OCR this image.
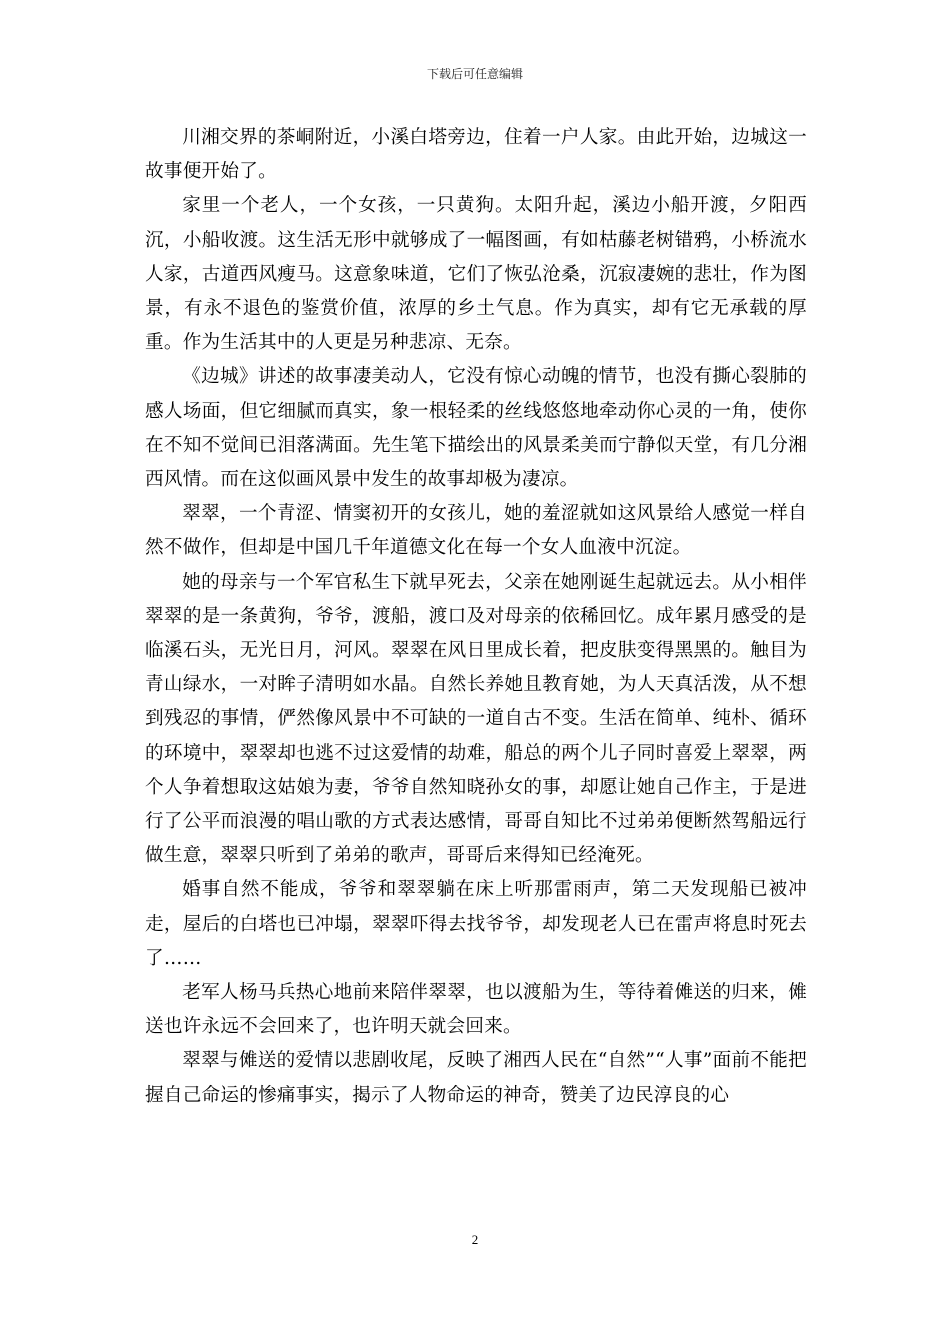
下载后可任意编辑

川湘交界的茶峒附近，小溪白塔旁边，住着一户人家。由此开始，边城这一故事便开始了。

家里一个老人，一个女孩，一只黄狗。太阳升起，溪边小船开渡，夕阳西沉，小船收渡。这生活无形中就够成了一幅图画，有如枯藤老树错鸦，小桥流水人家，古道西风瘦马。这意象味道，它们了恢弘沧桑，沉寂凄婉的悲壮，作为图景，有永不退色的鉴赏价值，浓厚的乡土气息。作为真实，却有它无承载的厚重。作为生活其中的人更是另种悲凉、无奈。

《边城》讲述的故事凄美动人，它没有惊心动魄的情节，也没有撕心裂肺的感人场面，但它细腻而真实，象一根轻柔的丝线悠悠地牵动你心灵的一角，使你在不知不觉间已泪落满面。先生笔下描绘出的风景柔美而宁静似天堂，有几分湘西风情。而在这似画风景中发生的故事却极为凄凉。

翠翠，一个青涩、情窦初开的女孩儿，她的羞涩就如这风景给人感觉一样自然不做作，但却是中国几千年道德文化在每一个女人血液中沉淀。

她的母亲与一个军官私生下就早死去，父亲在她刚诞生起就远去。从小相伴翠翠的是一条黄狗，爷爷，渡船，渡口及对母亲的依稀回忆。成年累月感受的是临溪石头，无光日月，河风。翠翠在风日里成长着，把皮肤变得黑黑的。触目为青山绿水，一对眸子清明如水晶。自然长养她且教育她，为人天真活泼，从不想到残忍的事情，俨然像风景中不可缺的一道自古不变。生活在简单、纯朴、循环的环境中，翠翠却也逃不过这爱情的劫难，船总的两个儿子同时喜爱上翠翠，两个人争着想取这姑娘为妻，爷爷自然知晓孙女的事，却愿让她自己作主，于是进行了公平而浪漫的唱山歌的方式表达感情，哥哥自知比不过弟弟便断然驾船远行做生意，翠翠只听到了弟弟的歌声，哥哥后来得知已经淹死。

婚事自然不能成，爷爷和翠翠躺在床上听那雷雨声，第二天发现船已被冲走，屋后的白塔也已冲塌，翠翠吓得去找爷爷，却发现老人已在雷声将息时死去了……

老军人杨马兵热心地前来陪伴翠翠，也以渡船为生，等待着傩送的归来，傩送也许永远不会回来了，也许明天就会回来。

翠翠与傩送的爱情以悲剧收尾，反映了湘西人民在“自然”“人事”面前不能把握自己命运的惨痛事实，揭示了人物命运的神奇，赞美了边民淳良的心

2
